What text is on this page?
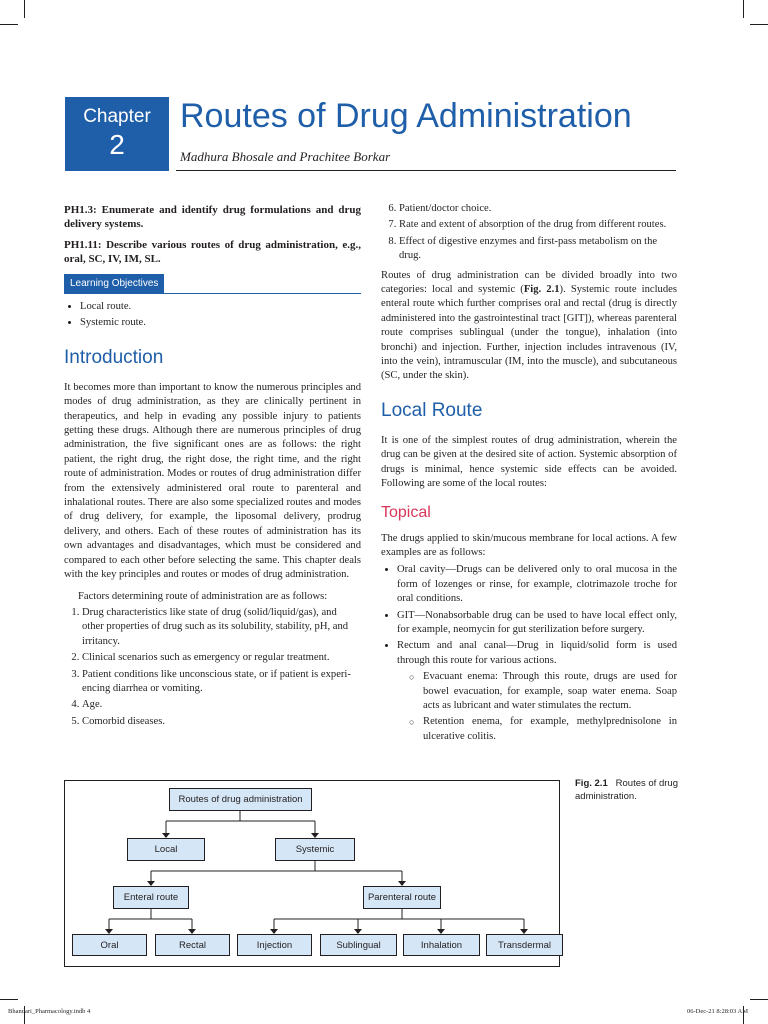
Chapter
2
Routes of Drug Administration
Madhura Bhosale and Prachitee Borkar

PH1.3: Enumerate and identify drug formulations and drug delivery systems.

PH1.11: Describe various routes of drug administration, e.g., oral, SC, IV, IM, SL.

Learning Objectives
• Local route.
• Systemic route.
Introduction

It becomes more than important to know the numerous principles and modes of drug administration, as they are clinically pertinent in therapeutics, and help in evading any possible injury to patients getting these drugs. Although there are numerous principles of drug administration, the five significant ones are as follows: the right patient, the right drug, the right dose, the right time, and the right route of administration. Modes or routes of drug administration differ from the extensively administered oral route to parenteral and inhalational routes. There are also some specialized routes and modes of drug delivery, for example, the liposomal delivery, prodrug delivery, and others. Each of these routes of administration has its own advantages and disadvantages, which must be considered and compared to each other before selecting the same. This chapter deals with the key principles and routes or modes of drug administration.

Factors determining route of administration are as follows:

1. Drug characteristics like state of drug (solid/liquid/gas), and other properties of drug such as its solubility, stability, pH, and irritancy.
2. Clinical scenarios such as emergency or regular treatment.
3. Patient conditions like unconscious state, or if patient is experi-encing diarrhea or vomiting.
4. Age.
5. Comorbid diseases.
6. Patient/doctor choice.
7. Rate and extent of absorption of the drug from different routes.
8. Effect of digestive enzymes and first-pass metabolism on the drug.

Routes of drug administration can be divided broadly into two categories: local and systemic (Fig. 2.1). Systemic route includes enteral route which further comprises oral and rectal (drug is directly administered into the gastrointestinal tract [GIT]), whereas parenteral route comprises sublingual (under the tongue), inhalation (into bronchi) and injection. Further, injection includes intravenous (IV, into the vein), intramuscular (IM, into the muscle), and subcutaneous (SC, under the skin).

Local Route

It is one of the simplest routes of drug administration, wherein the drug can be given at the desired site of action. Systemic absorption of drugs is minimal, hence systemic side effects can be avoided. Following are some of the local routes:

Topical

The drugs applied to skin/mucous membrane for local actions. A few examples are as follows:

• Oral cavity—Drugs can be delivered only to oral mucosa in the form of lozenges or rinse, for example, clotrimazole troche for oral conditions.
• GIT—Nonabsorbable drug can be used to have local effect only, for example, neomycin for gut sterilization before surgery.
• Rectum and anal canal—Drug in liquid/solid form is used through this route for various actions.
○ Evacuant enema: Through this route, drugs are used for bowel evacuation, for example, soap water enema. Soap acts as lubricant and water stimulates the rectum.
○ Retention enema, for example, methylprednisolone in ulcerative colitis.
Routes of drug administration
Local	Systemic
Enteral route	Parenteral route
Oral	Rectal	Injection	Sublingual	Inhalation	Transdermal
Fig. 2.1 Routes of drug administration.
Bhandari_Pharmacology.indb 4	06-Dec-21 8:28:03 AM
